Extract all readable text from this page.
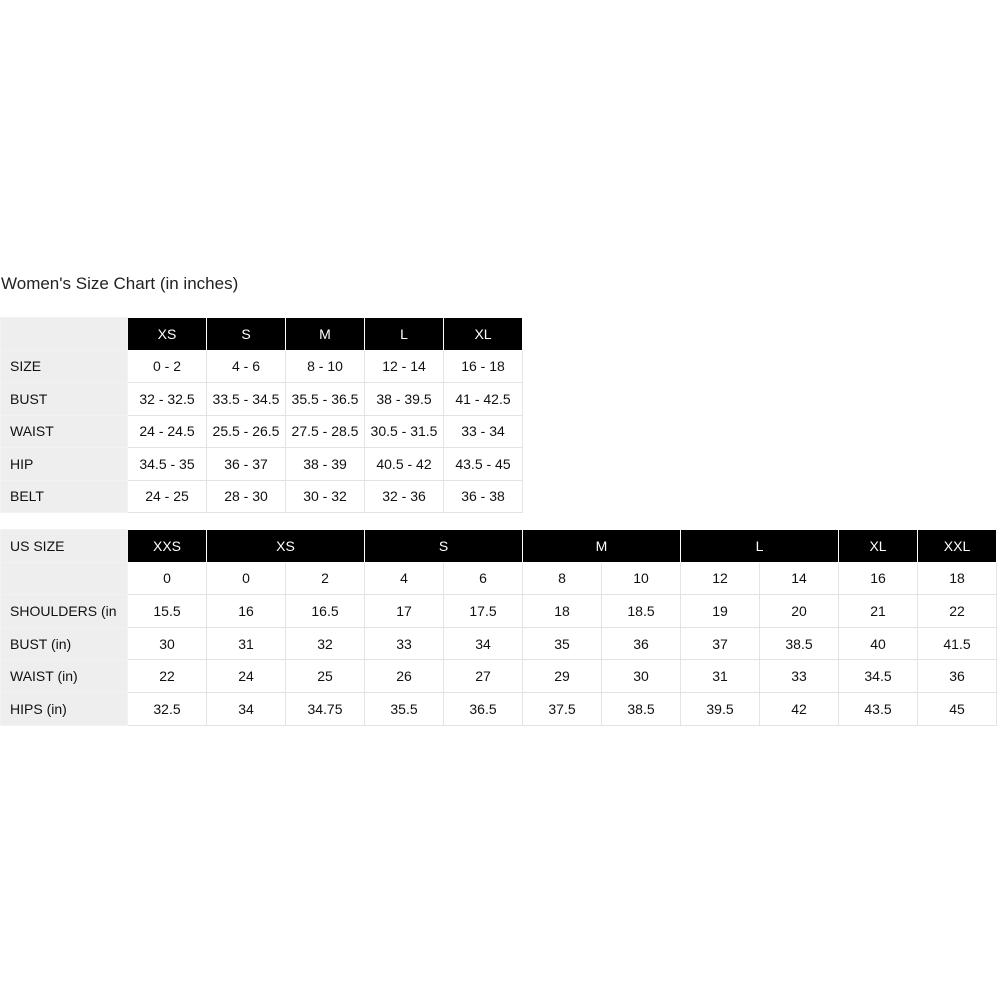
Women's Size Chart (in inches)
	XS	S	M	L	XL
SIZE	0 - 2	4 - 6	8 - 10	12 - 14	16 - 18
BUST	32 - 32.5	33.5 - 34.5	35.5 - 36.5	38 - 39.5	41 - 42.5
WAIST	24 - 24.5	25.5 - 26.5	27.5 - 28.5	30.5 - 31.5	33 - 34
HIP	34.5 - 35	36 - 37	38 - 39	40.5 - 42	43.5 - 45
BELT	24 - 25	28 - 30	30 - 32	32 - 36	36 - 38
US SIZE	XXS	XS		S		M		L		XL	XXL
	0	0	2	4	6	8	10	12	14	16	18
SHOULDERS (in	15.5	16	16.5	17	17.5	18	18.5	19	20	21	22
BUST (in)	30	31	32	33	34	35	36	37	38.5	40	41.5
WAIST (in)	22	24	25	26	27	29	30	31	33	34.5	36
HIPS (in)	32.5	34	34.75	35.5	36.5	37.5	38.5	39.5	42	43.5	45
